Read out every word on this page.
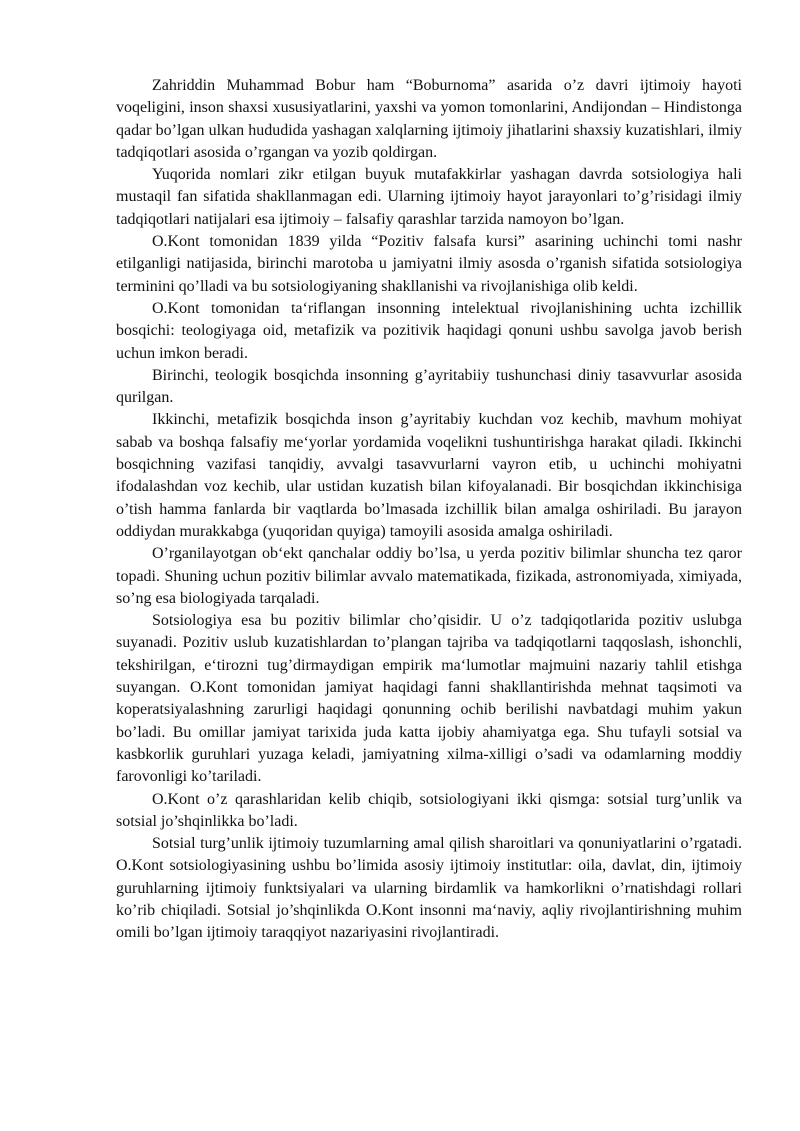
Zahriddin Muhammad Bobur ham “Boburnoma” asarida o’z davri ijtimoiy hayoti voqeligini, inson shaxsi xususiyatlarini, yaxshi va yomon tomonlarini, Andijondan – Hindistonga qadar bo’lgan ulkan hududida yashagan xalqlarning ijtimoiy jihatlarini shaxsiy kuzatishlari, ilmiy tadqiqotlari asosida o’rgangan va yozib qoldirgan.

Yuqorida nomlari zikr etilgan buyuk mutafakkirlar yashagan davrda sotsiologiya hali mustaqil fan sifatida shakllanmagan edi. Ularning ijtimoiy hayot jarayonlari to’g’risidagi ilmiy tadqiqotlari natijalari esa ijtimoiy – falsafiy qarashlar tarzida namoyon bo’lgan.

O.Kont tomonidan 1839 yilda “Pozitiv falsafa kursi” asarining uchinchi tomi nashr etilganligi natijasida, birinchi marotoba u jamiyatni ilmiy asosda o’rganish sifatida sotsiologiya terminini qo’lladi va bu sotsiologiyaning shakllanishi va rivojlanishiga olib keldi.

O.Kont tomonidan ta‘riflangan insonning intelektual rivojlanishining uchta izchillik bosqichi: teologiyaga oid, metafizik va pozitivik haqidagi qonuni ushbu savolga javob berish uchun imkon beradi.

Birinchi, teologik bosqichda insonning g’ayritabiiy tushunchasi diniy tasavvurlar asosida qurilgan.

Ikkinchi, metafizik bosqichda inson g’ayritabiy kuchdan voz kechib, mavhum mohiyat sabab va boshqa falsafiy me‘yorlar yordamida voqelikni tushuntirishga harakat qiladi. Ikkinchi bosqichning vazifasi tanqidiy, avvalgi tasavvurlarni vayron etib, u uchinchi mohiyatni ifodalashdan voz kechib, ular ustidan kuzatish bilan kifoyalanadi. Bir bosqichdan ikkinchisiga o’tish hamma fanlarda bir vaqtlarda bo’lmasada izchillik bilan amalga oshiriladi. Bu jarayon oddiydan murakkabga (yuqoridan quyiga) tamoyili asosida amalga oshiriladi.

O’rganilayotgan ob‘ekt qanchalar oddiy bo’lsa, u yerda pozitiv bilimlar shuncha tez qaror topadi. Shuning uchun pozitiv bilimlar avvalo matematikada, fizikada, astronomiyada, ximiyada, so’ng esa biologiyada tarqaladi.

Sotsiologiya esa bu pozitiv bilimlar cho’qisidir. U o’z tadqiqotlarida pozitiv uslubga suyanadi. Pozitiv uslub kuzatishlardan to’plangan tajriba va tadqiqotlarni taqqoslash, ishonchli, tekshirilgan, e‘tirozni tug’dirmaydigan empirik ma‘lumotlar majmuini nazariy tahlil etishga suyangan. O.Kont tomonidan jamiyat haqidagi fanni shakllantirishda mehnat taqsimoti va koperatsiyalashning zarurligi haqidagi qonunning ochib berilishi navbatdagi muhim yakun bo’ladi. Bu omillar jamiyat tarixida juda katta ijobiy ahamiyatga ega. Shu tufayli sotsial va kasbkorlik guruhlari yuzaga keladi, jamiyatning xilma-xilligi o’sadi va odamlarning moddiy farovonligi ko’tariladi.

O.Kont o’z qarashlaridan kelib chiqib, sotsiologiyani ikki qismga: sotsial turg’unlik va sotsial jo’shqinlikka bo’ladi.

Sotsial turg’unlik ijtimoiy tuzumlarning amal qilish sharoitlari va qonuniyatlarini o’rgatadi. O.Kont sotsiologiyasining ushbu bo’limida asosiy ijtimoiy institutlar: oila, davlat, din, ijtimoiy guruhlarning ijtimoiy funktsiyalari va ularning birdamlik va hamkorlikni o’rnatishdagi rollari ko’rib chiqiladi. Sotsial jo’shqinlikda O.Kont insonni ma‘naviy, aqliy rivojlantirishning muhim omili bo’lgan ijtimoiy taraqqiyot nazariyasini rivojlantiradi.
